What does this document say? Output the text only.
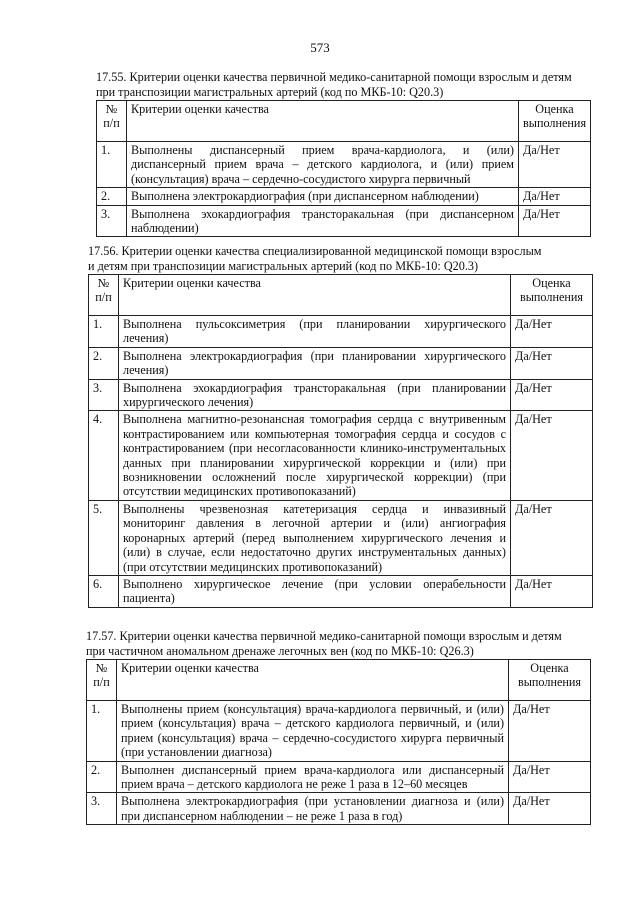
573
17.55. Критерии оценки качества первичной медико-санитарной помощи взрослым и детям
при транспозиции магистральных артерий (код по МКБ-10: Q20.3)
№ п/п	Критерии оценки качества	Оценка выполнения
1.	Выполнены диспансерный прием врача-кардиолога, и (или) диспансерный прием врача – детского кардиолога, и (или) прием (консультация) врача – сердечно-сосудистого хирурга первичный	Да/Нет
2.	Выполнена электрокардиография (при диспансерном наблюдении)	Да/Нет
3.	Выполнена эхокардиография трансторакальная (при диспансерном наблюдении)	Да/Нет
17.56. Критерии оценки качества специализированной медицинской помощи взрослым
и детям при транспозиции магистральных артерий (код по МКБ-10: Q20.3)
№ п/п	Критерии оценки качества	Оценка выполнения
1.	Выполнена пульсоксиметрия (при планировании хирургического лечения)	Да/Нет
2.	Выполнена электрокардиография (при планировании хирургического лечения)	Да/Нет
3.	Выполнена эхокардиография трансторакальная (при планировании хирургического лечения)	Да/Нет
4.	Выполнена магнитно-резонансная томография сердца с внутривенным контрастированием или компьютерная томография сердца и сосудов с контрастированием (при несогласованности клинико-инструментальных данных при планировании хирургической коррекции и (или) при возникновении осложнений после хирургической коррекции) (при отсутствии медицинских противопоказаний)	Да/Нет
5.	Выполнены чрезвенозная катетеризация сердца и инвазивный мониторинг давления в легочной артерии и (или) ангиография коронарных артерий (перед выполнением хирургического лечения и (или) в случае, если недостаточно других инструментальных данных) (при отсутствии медицинских противопоказаний)	Да/Нет
6.	Выполнено хирургическое лечение (при условии операбельности пациента)	Да/Нет
17.57. Критерии оценки качества первичной медико-санитарной помощи взрослым и детям
при частичном аномальном дренаже легочных вен (код по МКБ-10: Q26.3)
№ п/п	Критерии оценки качества	Оценка выполнения
1.	Выполнены прием (консультация) врача-кардиолога первичный, и (или) прием (консультация) врача – детского кардиолога первичный, и (или) прием (консультация) врача – сердечно-сосудистого хирурга первичный (при установлении диагноза)	Да/Нет
2.	Выполнен диспансерный прием врача-кардиолога или диспансерный прием врача – детского кардиолога не реже 1 раза в 12–60 месяцев	Да/Нет
3.	Выполнена электрокардиография (при установлении диагноза и (или) при диспансерном наблюдении – не реже 1 раза в год)	Да/Нет
